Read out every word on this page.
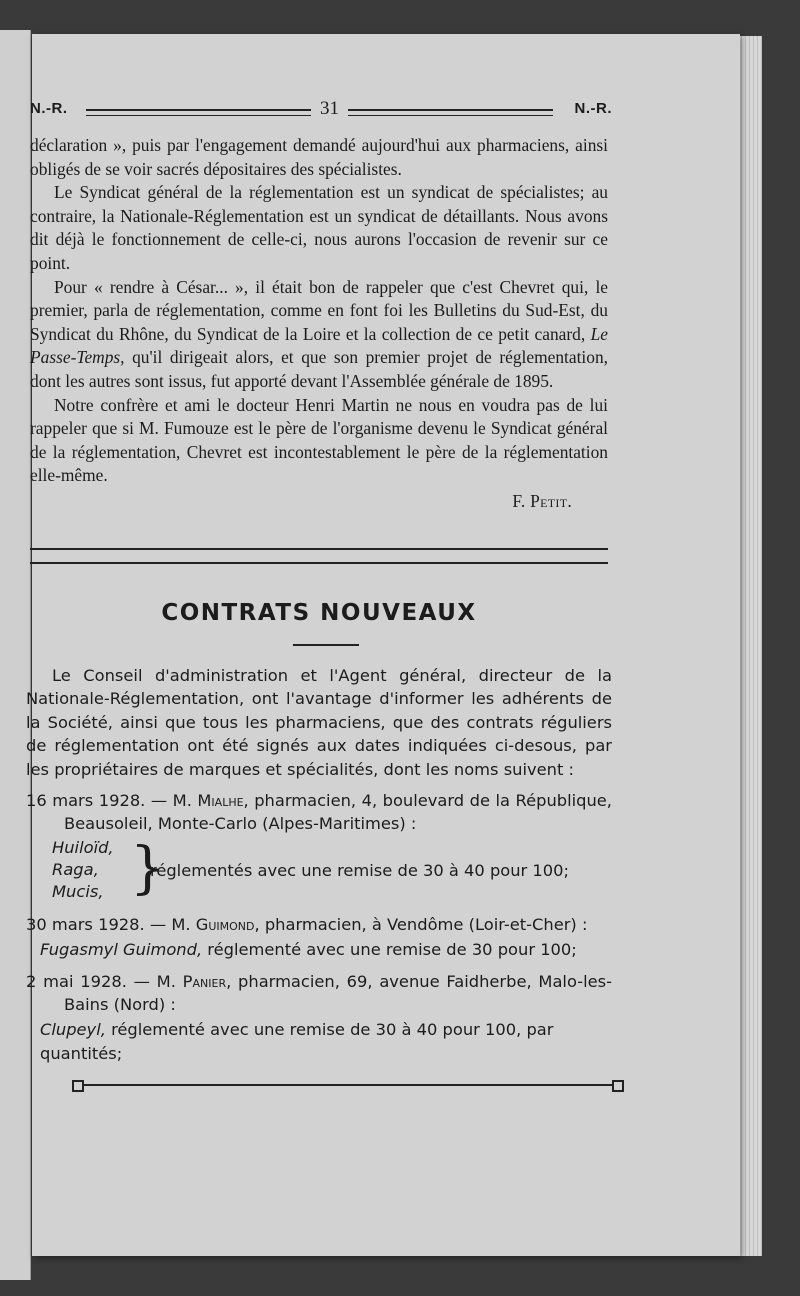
N.-R.	31	N.-R.

déclaration », puis par l'engagement demandé aujourd'hui aux pharmaciens, ainsi obligés de se voir sacrés dépositaires des spécialistes.

Le Syndicat général de la réglementation est un syndicat de spécialistes; au contraire, la Nationale-Réglementation est un syndicat de détaillants. Nous avons dit déjà le fonctionnement de celle-ci, nous aurons l'occasion de revenir sur ce point.

Pour « rendre à César... », il était bon de rappeler que c'est Chevret qui, le premier, parla de réglementation, comme en font foi les Bulletins du Sud-Est, du Syndicat du Rhône, du Syndicat de la Loire et la collection de ce petit canard, Le Passe-Temps, qu'il dirigeait alors, et que son premier projet de réglementation, dont les autres sont issus, fut apporté devant l'Assemblée générale de 1895.

Notre confrère et ami le docteur Henri Martin ne nous en voudra pas de lui rappeler que si M. Fumouze est le père de l'organisme devenu le Syndicat général de la réglementation, Chevret est incontestablement le père de la réglementation elle-même.

F. Petit.
CONTRATS NOUVEAUX

Le Conseil d'administration et l'Agent général, directeur de la Nationale-Réglementation, ont l'avantage d'informer les adhérents de la Société, ainsi que tous les pharmaciens, que des contrats réguliers de réglementation ont été signés aux dates indiquées ci-desous, par les propriétaires de marques et spécialités, dont les noms suivent :

16 mars 1928. — M. Mialhe, pharmacien, 4, boulevard de la République, Beausoleil, Monte-Carlo (Alpes-Maritimes) :

Huiloïd,
Raga,
Mucis, }
réglementés avec une remise de 30 à 40 pour 100;

30 mars 1928. — M. Guimond, pharmacien, à Vendôme (Loir-et-Cher) :

Fugasmyl Guimond, réglementé avec une remise de 30 pour 100;

2 mai 1928. — M. Panier, pharmacien, 69, avenue Faidherbe, Malo-les-Bains (Nord) :

Clupeyl, réglementé avec une remise de 30 à 40 pour 100, par quantités;
